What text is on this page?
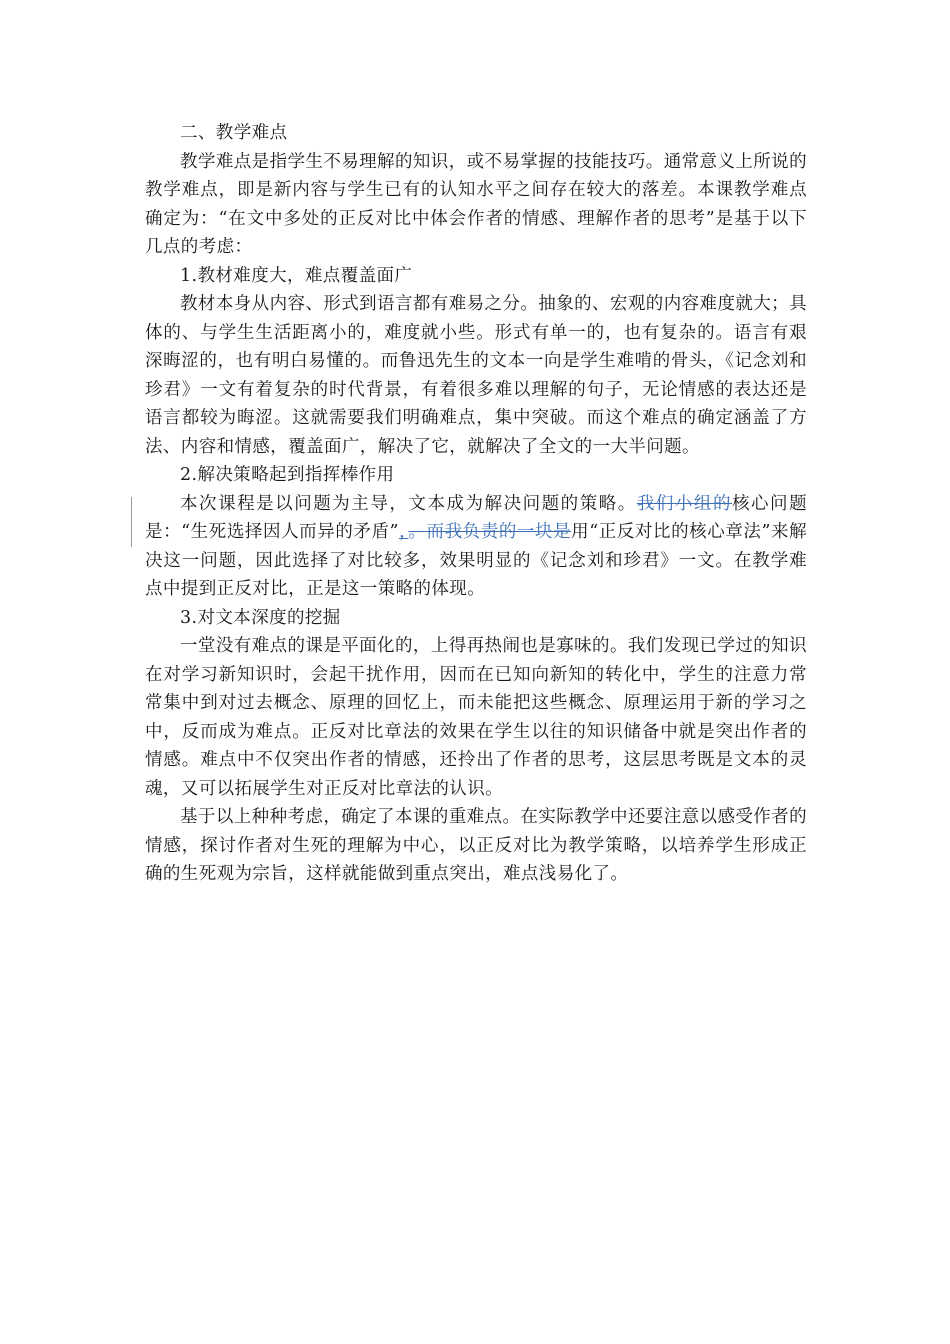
二、教学难点

教学难点是指学生不易理解的知识，或不易掌握的技能技巧。通常意义上所说的教学难点，即是新内容与学生已有的认知水平之间存在较大的落差。本课教学难点确定为：“在文中多处的正反对比中体会作者的情感、理解作者的思考”是基于以下几点的考虑：

1.教材难度大，难点覆盖面广

教材本身从内容、形式到语言都有难易之分。抽象的、宏观的内容难度就大；具体的、与学生生活距离小的，难度就小些。形式有单一的，也有复杂的。语言有艰深晦涩的，也有明白易懂的。而鲁迅先生的文本一向是学生难啃的骨头，《记念刘和珍君》一文有着复杂的时代背景，有着很多难以理解的句子，无论情感的表达还是语言都较为晦涩。这就需要我们明确难点，集中突破。而这个难点的确定涵盖了方法、内容和情感，覆盖面广，解决了它，就解决了全文的一大半问题。

2.解决策略起到指挥棒作用

本次课程是以问题为主导，文本成为解决问题的策略。我们小组的核心问题是：“生死选择因人而异的矛盾”，。而我负责的一块是用“正反对比的核心章法”来解决这一问题，因此选择了对比较多，效果明显的《记念刘和珍君》一文。在教学难点中提到正反对比，正是这一策略的体现。

3.对文本深度的挖掘

一堂没有难点的课是平面化的，上得再热闹也是寡味的。我们发现已学过的知识在对学习新知识时，会起干扰作用，因而在已知向新知的转化中，学生的注意力常常集中到对过去概念、原理的回忆上，而未能把这些概念、原理运用于新的学习之中，反而成为难点。正反对比章法的效果在学生以往的知识储备中就是突出作者的情感。难点中不仅突出作者的情感，还拎出了作者的思考，这层思考既是文本的灵魂，又可以拓展学生对正反对比章法的认识。

基于以上种种考虑，确定了本课的重难点。在实际教学中还要注意以感受作者的情感，探讨作者对生死的理解为中心，以正反对比为教学策略，以培养学生形成正确的生死观为宗旨，这样就能做到重点突出，难点浅易化了。
